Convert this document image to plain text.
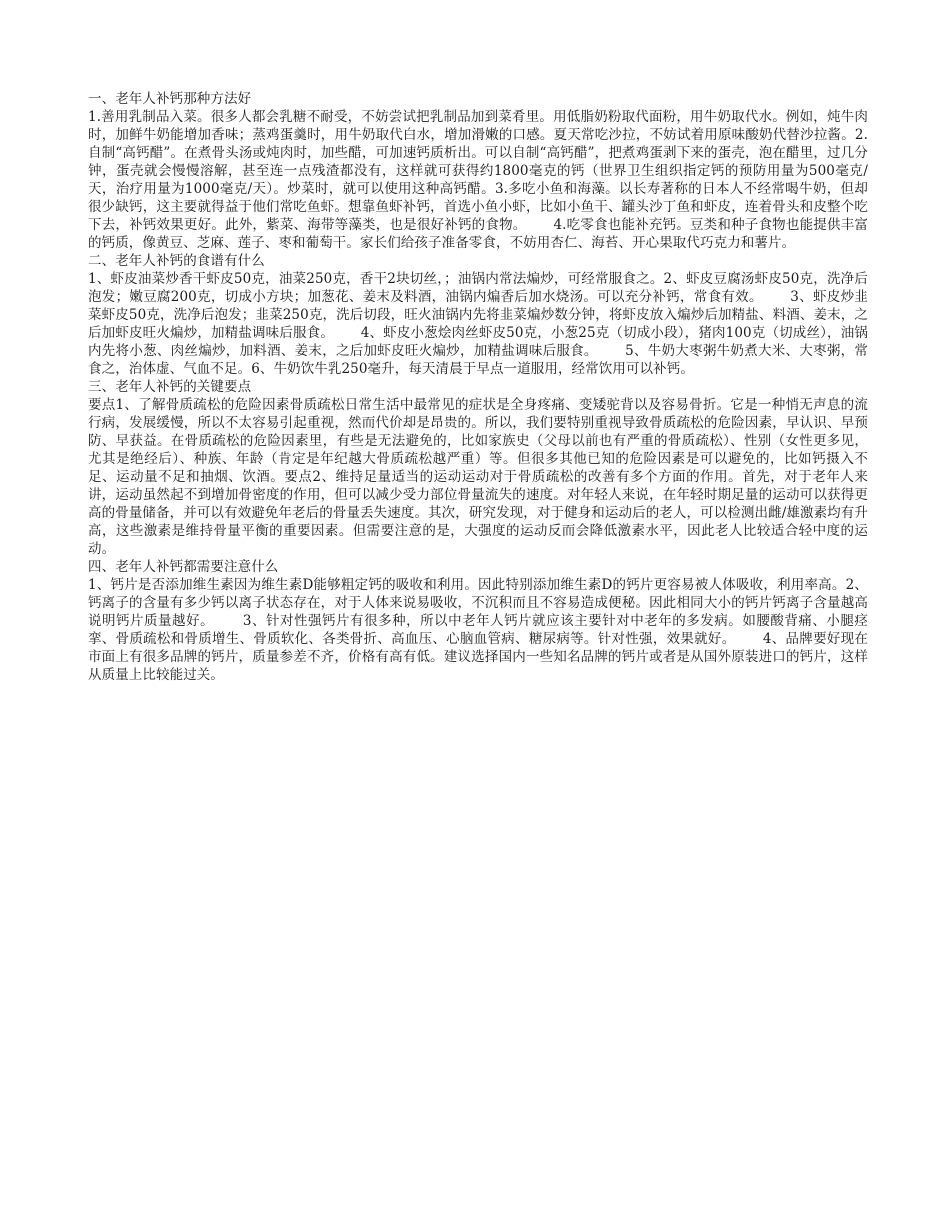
一、老年人补钙那种方法好

1.善用乳制品入菜。很多人都会乳糖不耐受，不妨尝试把乳制品加到菜肴里。用低脂奶粉取代面粉，用牛奶取代水。例如，炖牛肉时，加鲜牛奶能增加香味；蒸鸡蛋羹时，用牛奶取代白水，增加滑嫩的口感。夏天常吃沙拉，不妨试着用原味酸奶代替沙拉酱。2.自制“高钙醋”。在煮骨头汤或炖肉时，加些醋，可加速钙质析出。可以自制“高钙醋”，把煮鸡蛋剥下来的蛋壳，泡在醋里，过几分钟，蛋壳就会慢慢溶解，甚至连一点残渣都没有，这样就可获得约1800毫克的钙（世界卫生组织指定钙的预防用量为500毫克/天，治疗用量为1000毫克/天）。炒菜时，就可以使用这种高钙醋。3.多吃小鱼和海藻。以长寿著称的日本人不经常喝牛奶，但却很少缺钙，这主要就得益于他们常吃鱼虾。想靠鱼虾补钙，首选小鱼小虾，比如小鱼干、罐头沙丁鱼和虾皮，连着骨头和皮整个吃下去，补钙效果更好。此外，紫菜、海带等藻类，也是很好补钙的食物。      4.吃零食也能补充钙。豆类和种子食物也能提供丰富的钙质，像黄豆、芝麻、莲子、枣和葡萄干。家长们给孩子准备零食，不妨用杏仁、海苔、开心果取代巧克力和薯片。

二、老年人补钙的食谱有什么

1、虾皮油菜炒香干虾皮50克，油菜250克，香干2块切丝，；油锅内常法煸炒，可经常服食之。2、虾皮豆腐汤虾皮50克，洗净后泡发；嫩豆腐200克，切成小方块；加葱花、姜末及料酒，油锅内煸香后加水烧汤。可以充分补钙，常食有效。      3、虾皮炒韭菜虾皮50克，洗净后泡发；韭菜250克，洗后切段，旺火油锅内先将韭菜煸炒数分钟，将虾皮放入煸炒后加精盐、料酒、姜末，之后加虾皮旺火煸炒，加精盐调味后服食。      4、虾皮小葱烩肉丝虾皮50克，小葱25克（切成小段），猪肉100克（切成丝），油锅内先将小葱、肉丝煸炒，加料酒、姜末，之后加虾皮旺火煸炒，加精盐调味后服食。      5、牛奶大枣粥牛奶煮大米、大枣粥，常食之，治体虚、气血不足。6、牛奶饮牛乳250毫升，每天清晨于早点一道服用，经常饮用可以补钙。

三、老年人补钙的关键要点

要点1、了解骨质疏松的危险因素骨质疏松日常生活中最常见的症状是全身疼痛、变矮驼背以及容易骨折。它是一种悄无声息的流行病，发展缓慢，所以不太容易引起重视，然而代价却是昂贵的。所以，我们要特别重视导致骨质疏松的危险因素，早认识、早预防、早获益。在骨质疏松的危险因素里，有些是无法避免的，比如家族史（父母以前也有严重的骨质疏松）、性别（女性更多见，尤其是绝经后）、种族、年龄（肯定是年纪越大骨质疏松越严重）等。但很多其他已知的危险因素是可以避免的，比如钙摄入不足、运动量不足和抽烟、饮酒。要点2、维持足量适当的运动运动对于骨质疏松的改善有多个方面的作用。首先，对于老年人来讲，运动虽然起不到增加骨密度的作用，但可以减少受力部位骨量流失的速度。对年轻人来说，在年轻时期足量的运动可以获得更高的骨量储备，并可以有效避免年老后的骨量丢失速度。其次，研究发现，对于健身和运动后的老人，可以检测出雌/雄激素均有升高，这些激素是维持骨量平衡的重要因素。但需要注意的是，大强度的运动反而会降低激素水平，因此老人比较适合轻中度的运动。

四、老年人补钙都需要注意什么

1、钙片是否添加维生素因为维生素D能够粗定钙的吸收和利用。因此特别添加维生素D的钙片更容易被人体吸收，利用率高。2、钙离子的含量有多少钙以离子状态存在，对于人体来说易吸收，不沉积而且不容易造成便秘。因此相同大小的钙片钙离子含量越高说明钙片质量越好。      3、针对性强钙片有很多种，所以中老年人钙片就应该主要针对中老年的多发病。如腰酸背痛、小腿痉挛、骨质疏松和骨质增生、骨质软化、各类骨折、高血压、心脑血管病、糖尿病等。针对性强，效果就好。      4、品牌要好现在市面上有很多品牌的钙片，质量参差不齐，价格有高有低。建议选择国内一些知名品牌的钙片或者是从国外原装进口的钙片，这样从质量上比较能过关。
